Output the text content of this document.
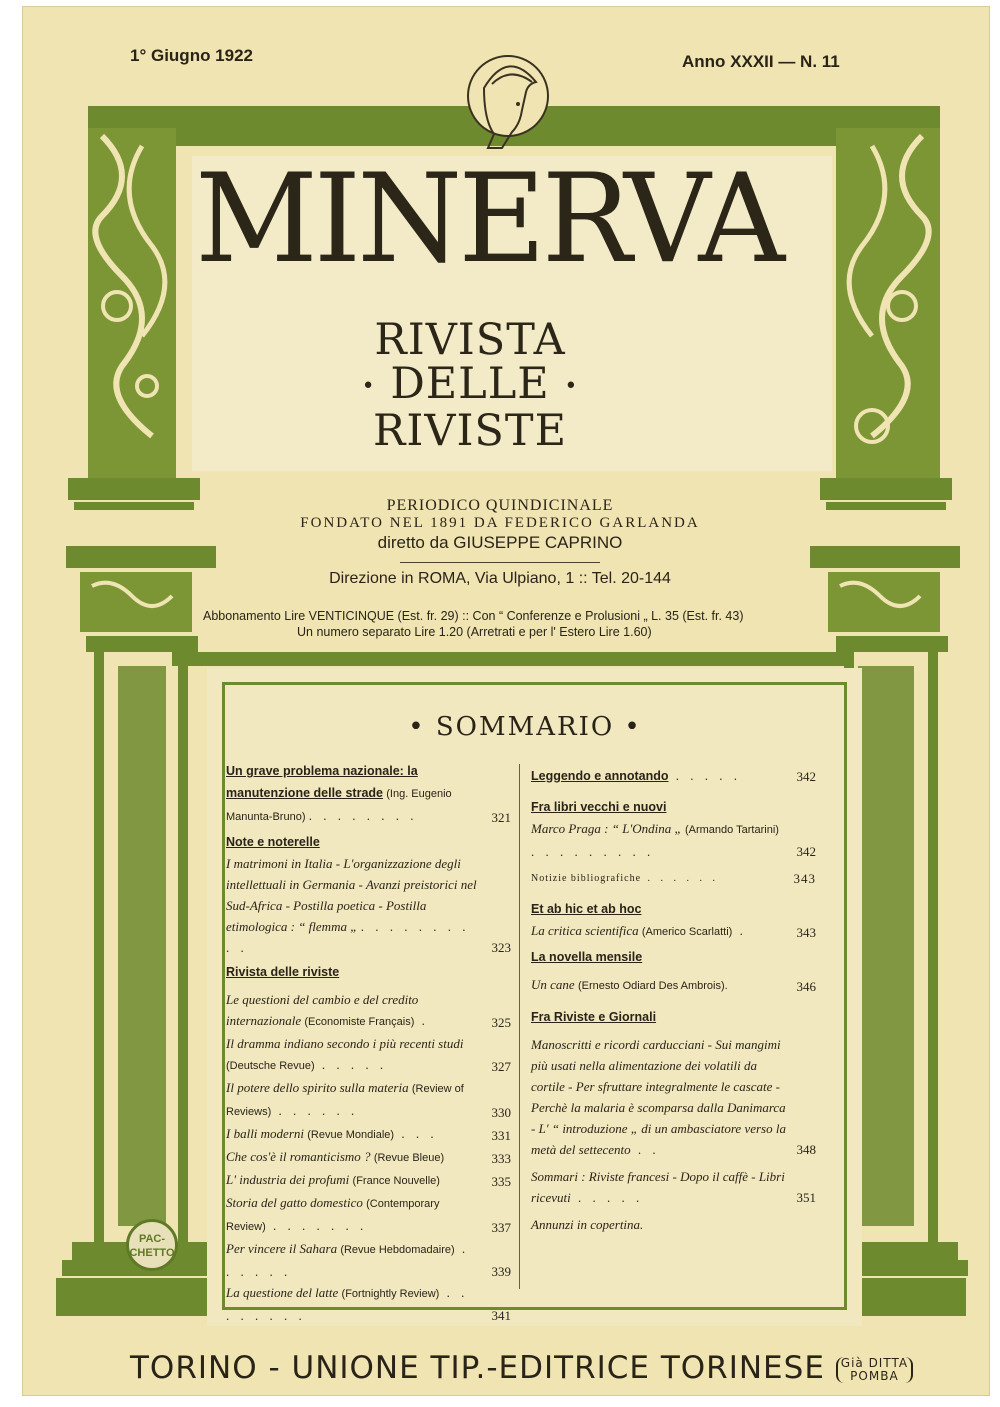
PAC-
CHETTO
1° Giugno 1922	Anno XXXII — N. 11
MINERVA
RIVISTA
• DELLE •
RIVISTE
PERIODICO QUINDICINALE
FONDATO NEL 1891 DA FEDERICO GARLANDA
diretto da GIUSEPPE CAPRINO
Direzione in ROMA, Via Ulpiano, 1 :: Tel. 20-144
Abbonamento Lire VENTICINQUE (Est. fr. 29) :: Con “ Conferenze e Prolusioni „ L. 35 (Est. fr. 43)
Un numero separato Lire 1.20 (Arretrati e per l' Estero Lire 1.60)
• SOMMARIO •
Un grave problema nazionale: la manutenzione delle strade (Ing. Eugenio Manunta-Bruno) . . . . . . . .	321
Note e noterelle
I matrimoni in Italia - L'organizzazione degli intellettuali in Germania - Avanzi preistorici nel Sud-Africa - Postilla poetica - Postilla etimologica : “ flemma „ . . . . . . . . . .	323
Rivista delle riviste
Le questioni del cambio e del credito internazionale (Economiste Français) .	325
Il dramma indiano secondo i più recenti studi (Deutsche Revue) . . . . .	327
Il potere dello spirito sulla materia (Review of Reviews) . . . . . .	330
I balli moderni (Revue Mondiale) . . .	331
Che cos'è il romanticismo ? (Revue Bleue)	333
L' industria dei profumi (France Nouvelle)	335
Storia del gatto domestico (Contemporary Review) . . . . . . .	337
Per vincere il Sahara (Revue Hebdomadaire) . . . . . .	339
La questione del latte (Fortnightly Review) . . . . . . . .	341
Leggendo e annotando . . . . .	342
Fra libri vecchi e nuovi
Marco Praga : “ L'Ondina „ (Armando Tartarini) . . . . . . . . .	342
Notizie bibliografiche . . . . . .	343
Et ab hic et ab hoc
La critica scientifica (Americo Scarlatti) .	343
La novella mensile
Un cane (Ernesto Odiard Des Ambrois).	346
Fra Riviste e Giornali
Manoscritti e ricordi carducciani - Sui mangimi più usati nella alimentazione dei volatili da cortile - Per sfruttare integralmente le cascate - Perchè la malaria è scomparsa dalla Danimarca - L' “ introduzione „ di un ambasciatore verso la metà del settecento . .	348
Sommari : Riviste francesi - Dopo il caffè - Libri ricevuti . . . . .	351
Annunzi in copertina.
TORINO - UNIONE TIP.-EDITRICE TORINESE Già DITTA
POMBA
